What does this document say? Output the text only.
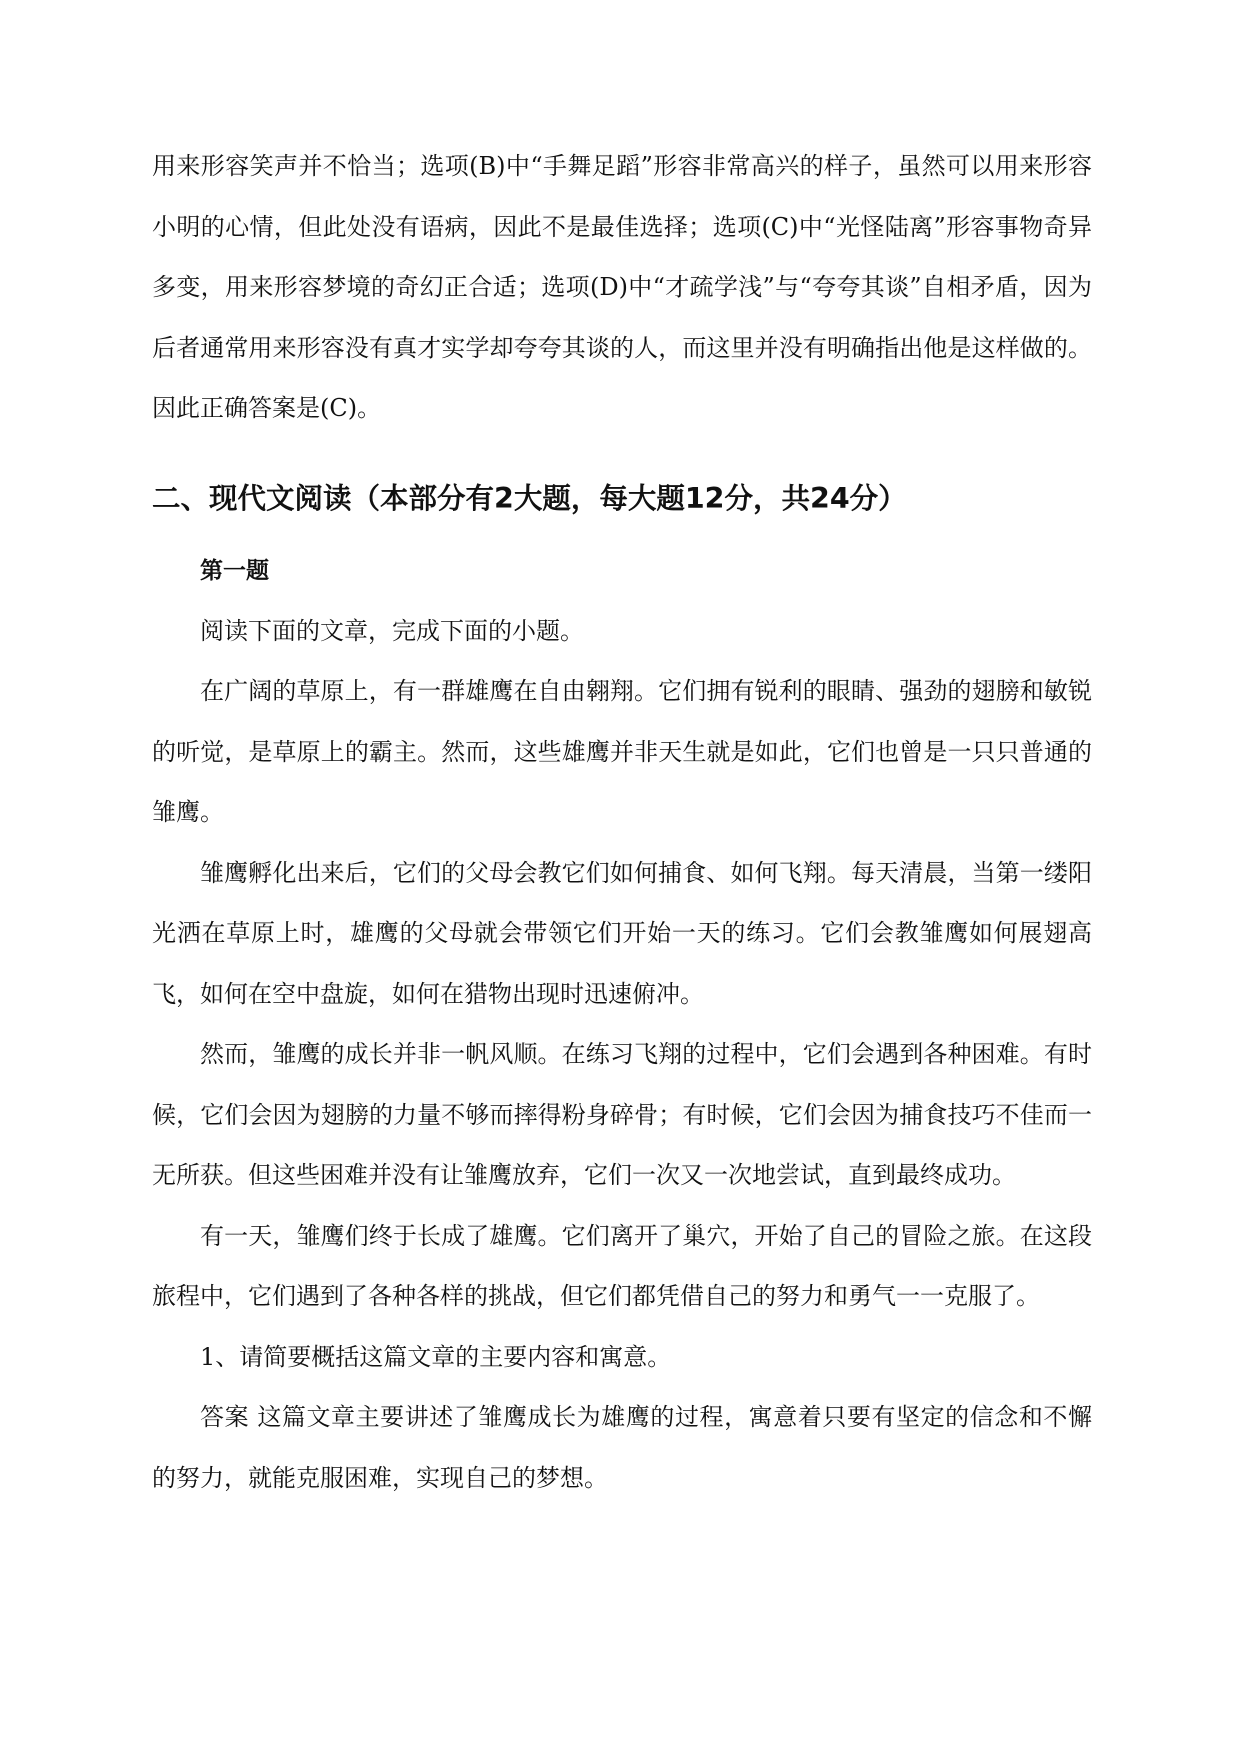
用来形容笑声并不恰当；选项(B)中“手舞足蹈”形容非常高兴的样子，虽然可以用来形容小明的心情，但此处没有语病，因此不是最佳选择；选项(C)中“光怪陆离”形容事物奇异多变，用来形容梦境的奇幻正合适；选项(D)中“才疏学浅”与“夸夸其谈”自相矛盾，因为后者通常用来形容没有真才实学却夸夸其谈的人，而这里并没有明确指出他是这样做的。因此正确答案是(C)。

二、现代文阅读（本部分有2大题，每大题12分，共24分）
第一题

阅读下面的文章，完成下面的小题。

在广阔的草原上，有一群雄鹰在自由翱翔。它们拥有锐利的眼睛、强劲的翅膀和敏锐的听觉，是草原上的霸主。然而，这些雄鹰并非天生就是如此，它们也曾是一只只普通的雏鹰。

雏鹰孵化出来后，它们的父母会教它们如何捕食、如何飞翔。每天清晨，当第一缕阳光洒在草原上时，雄鹰的父母就会带领它们开始一天的练习。它们会教雏鹰如何展翅高飞，如何在空中盘旋，如何在猎物出现时迅速俯冲。

然而，雏鹰的成长并非一帆风顺。在练习飞翔的过程中，它们会遇到各种困难。有时候，它们会因为翅膀的力量不够而摔得粉身碎骨；有时候，它们会因为捕食技巧不佳而一无所获。但这些困难并没有让雏鹰放弃，它们一次又一次地尝试，直到最终成功。

有一天，雏鹰们终于长成了雄鹰。它们离开了巢穴，开始了自己的冒险之旅。在这段旅程中，它们遇到了各种各样的挑战，但它们都凭借自己的努力和勇气一一克服了。

1、请简要概括这篇文章的主要内容和寓意。

答案 这篇文章主要讲述了雏鹰成长为雄鹰的过程，寓意着只要有坚定的信念和不懈的努力，就能克服困难，实现自己的梦想。
